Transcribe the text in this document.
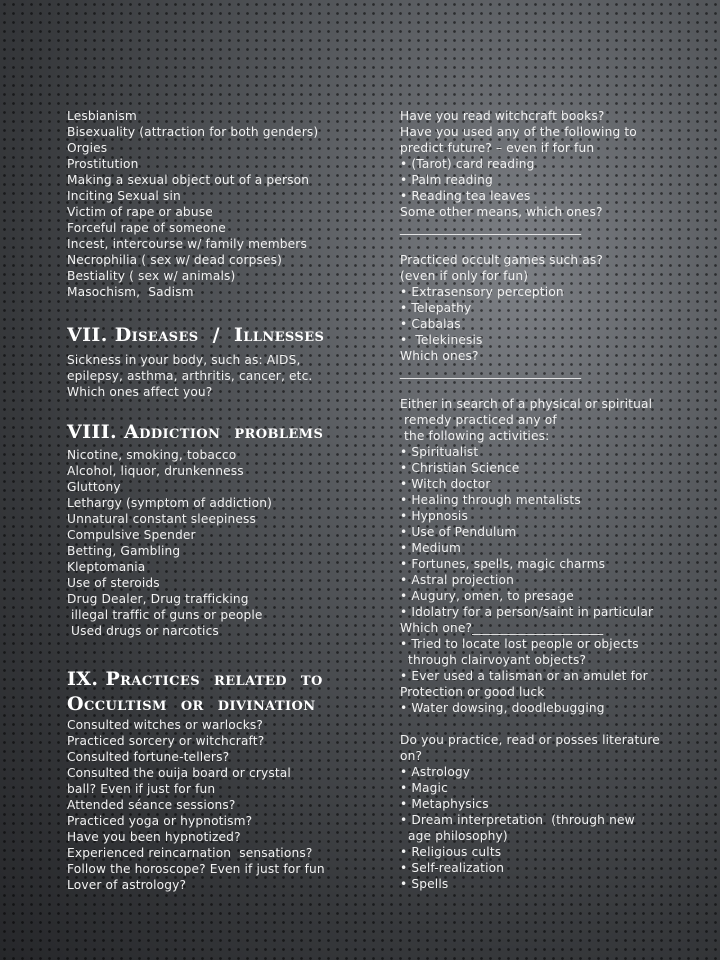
Lesbianism
Bisexuality (attraction for both genders)
Orgies
Prostitution
Making a sexual object out of a person
Inciting Sexual sin
Victim of rape or abuse
Forceful rape of someone
Incest, intercourse w/ family members
Necrophilia ( sex w/ dead corpses)
Bestiality ( sex w/ animals)
Masochism,  Sadism
VII. Diseases  /  Illnesses
Sickness in your body, such as: AIDS,
epilepsy, asthma, arthritis, cancer, etc.
Which ones affect you?
VIII. Addiction  problems
Nicotine, smoking, tobacco
Alcohol, liquor, drunkenness
Gluttony
Lethargy (symptom of addiction)
Unnatural constant sleepiness
Compulsive Spender
Betting, Gambling
Kleptomania
Use of steroids
Drug Dealer, Drug trafficking
illegal traffic of guns or people
Used drugs or narcotics
IX. Practices  related  to
Occultism  or  divination
Consulted witches or warlocks?
Practiced sorcery or witchcraft?
Consulted fortune-tellers?
Consulted the ouija board or crystal
ball? Even if just for fun
Attended séance sessions?
Practiced yoga or hypnotism?
Have you been hypnotized?
Experienced reincarnation  sensations?
Follow the horoscope? Even if just for fun
Lover of astrology?
Have you read witchcraft books?
Have you used any of the following to
predict future? – even if for fun
• (Tarot) card reading
• Palm reading
• Reading tea leaves
Some other means, which ones?
_____________________________
Practiced occult games such as?
(even if only for fun)
• Extrasensory perception
• Telepathy
• Cabalas
•  Telekinesis
Which ones?
_____________________________
Either in search of a physical or spiritual
remedy practiced any of
the following activities:
• Spiritualist
• Christian Science
• Witch doctor
• Healing through mentalists
• Hypnosis
• Use of Pendulum
• Medium
• Fortunes, spells, magic charms
• Astral projection
• Augury, omen, to presage
• Idolatry for a person/saint in particular
Which one?_____________________
• Tried to locate lost people or objects
through clairvoyant objects?
• Ever used a talisman or an amulet for
Protection or good luck
• Water dowsing, doodlebugging
Do you practice, read or posses literature
on?
• Astrology
• Magic
• Metaphysics
• Dream interpretation  (through new
age philosophy)
• Religious cults
• Self-realization
• Spells
